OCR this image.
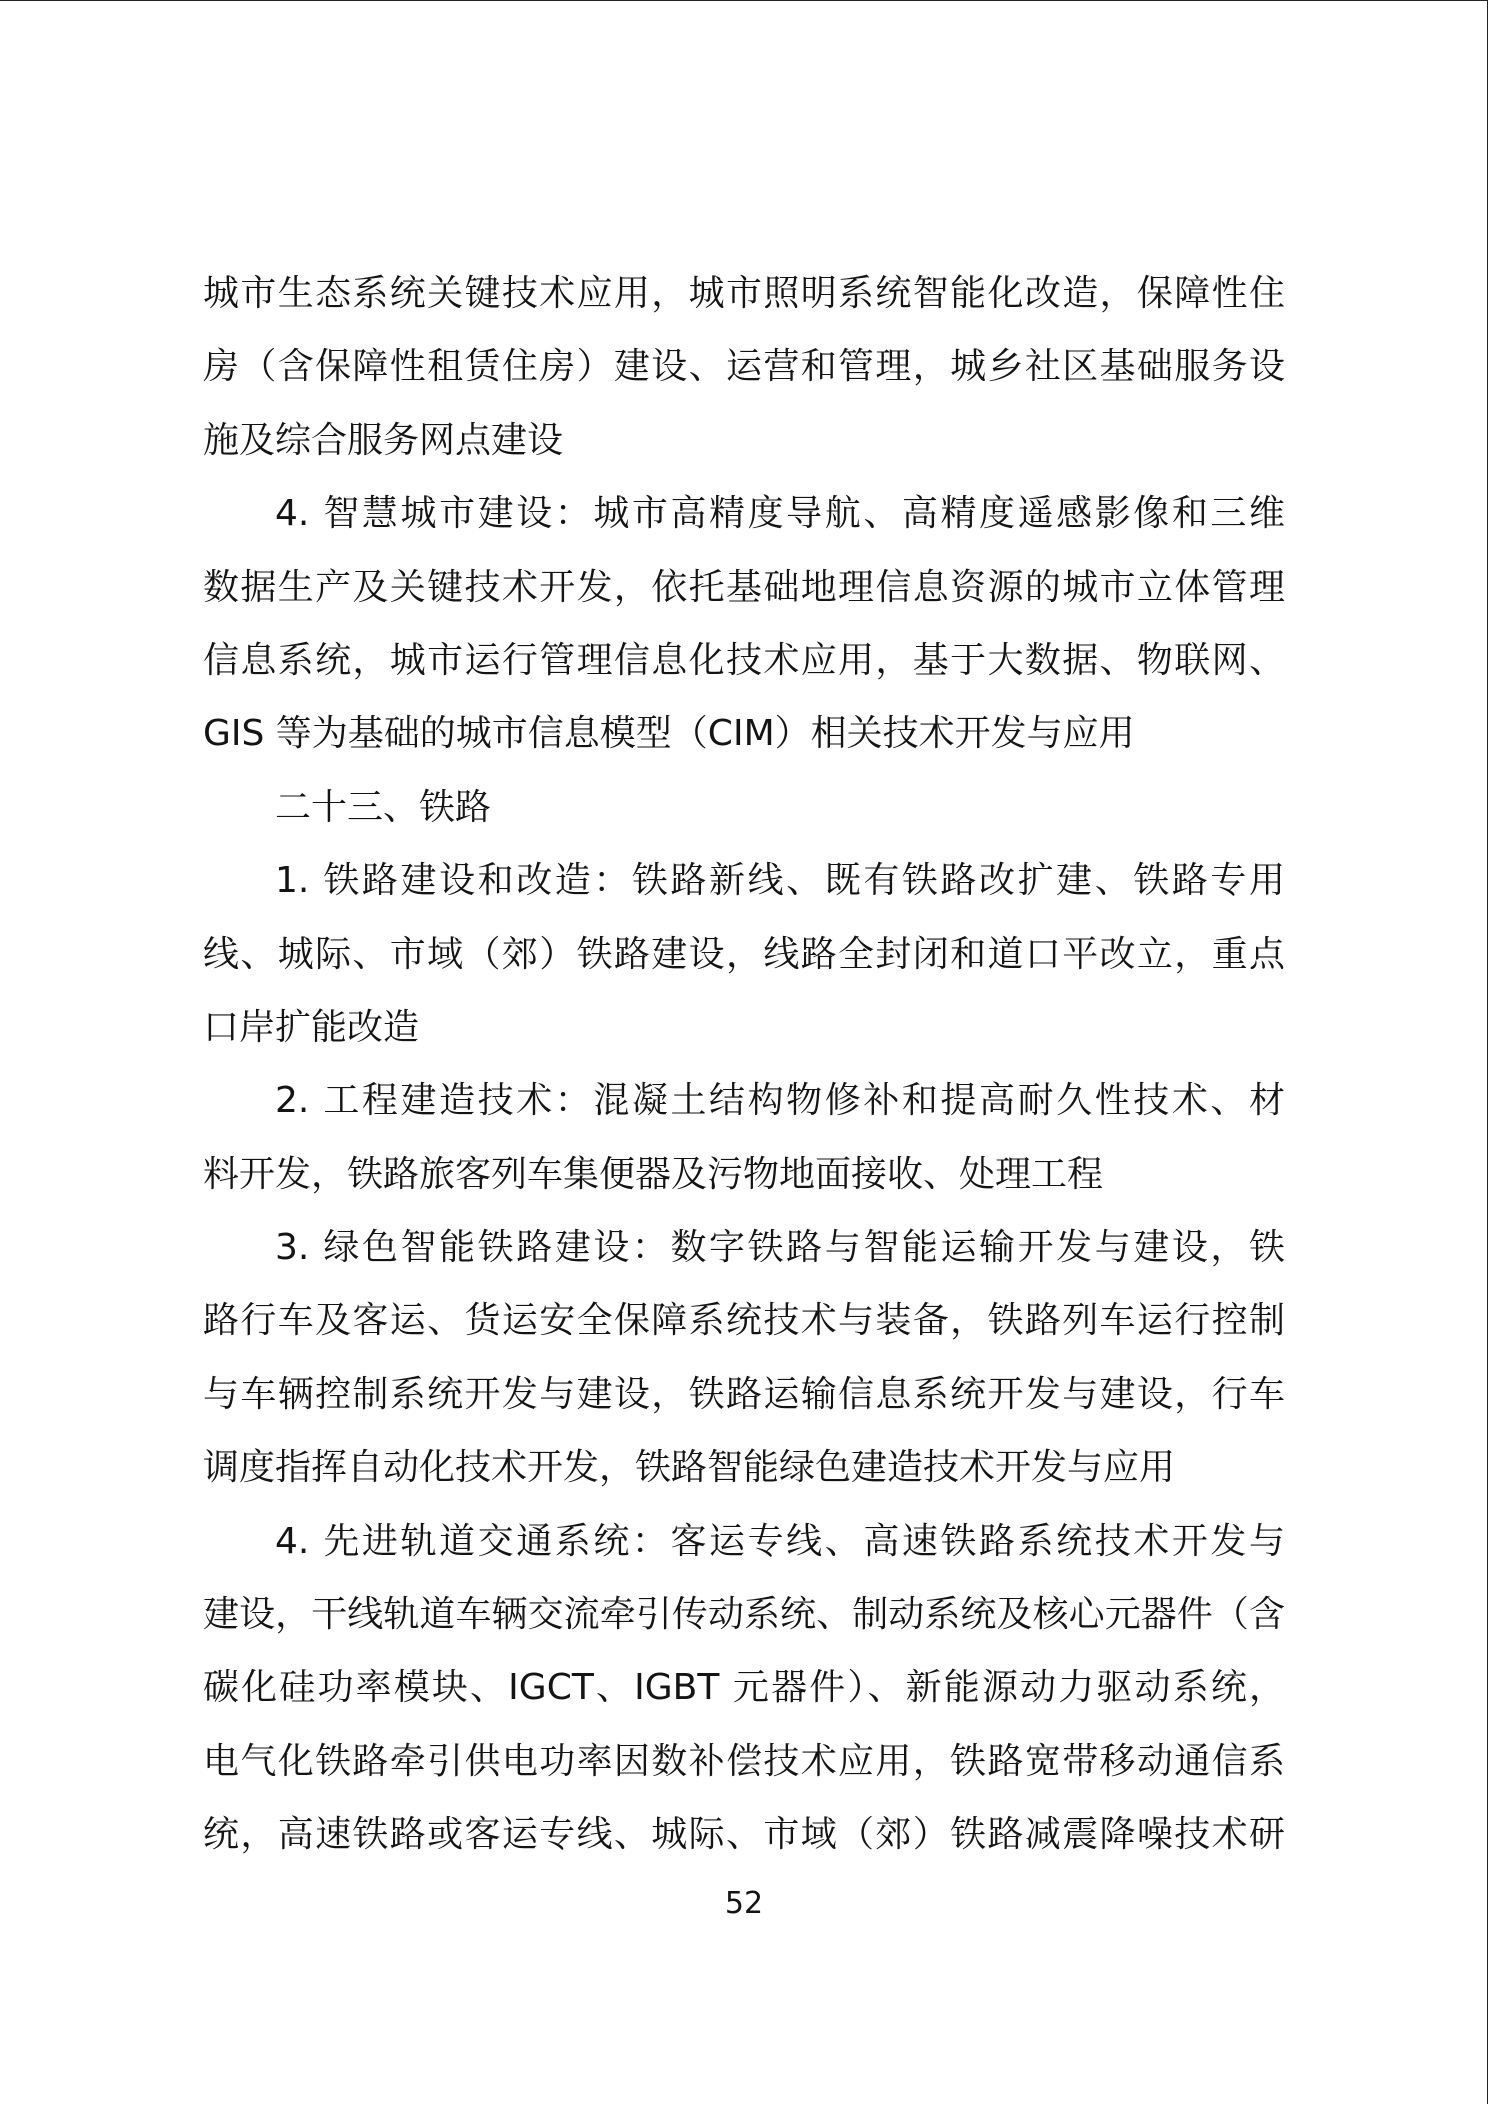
城市生态系统关键技术应用，城市照明系统智能化改造，保障性住
房（含保障性租赁住房）建设、运营和管理，城乡社区基础服务设
施及综合服务网点建设
4. 智慧城市建设：城市高精度导航、高精度遥感影像和三维
数据生产及关键技术开发，依托基础地理信息资源的城市立体管理
信息系统，城市运行管理信息化技术应用，基于大数据、物联网、
GIS 等为基础的城市信息模型（CIM）相关技术开发与应用
二十三、铁路
1. 铁路建设和改造：铁路新线、既有铁路改扩建、铁路专用
线、城际、市域（郊）铁路建设，线路全封闭和道口平改立，重点
口岸扩能改造
2. 工程建造技术：混凝土结构物修补和提高耐久性技术、材
料开发，铁路旅客列车集便器及污物地面接收、处理工程
3. 绿色智能铁路建设：数字铁路与智能运输开发与建设，铁
路行车及客运、货运安全保障系统技术与装备，铁路列车运行控制
与车辆控制系统开发与建设，铁路运输信息系统开发与建设，行车
调度指挥自动化技术开发，铁路智能绿色建造技术开发与应用
4. 先进轨道交通系统：客运专线、高速铁路系统技术开发与
建设，干线轨道车辆交流牵引传动系统、制动系统及核心元器件（含
碳化硅功率模块、IGCT、IGBT 元器件）、新能源动力驱动系统，
电气化铁路牵引供电功率因数补偿技术应用，铁路宽带移动通信系
统，高速铁路或客运专线、城际、市域（郊）铁路减震降噪技术研
52
